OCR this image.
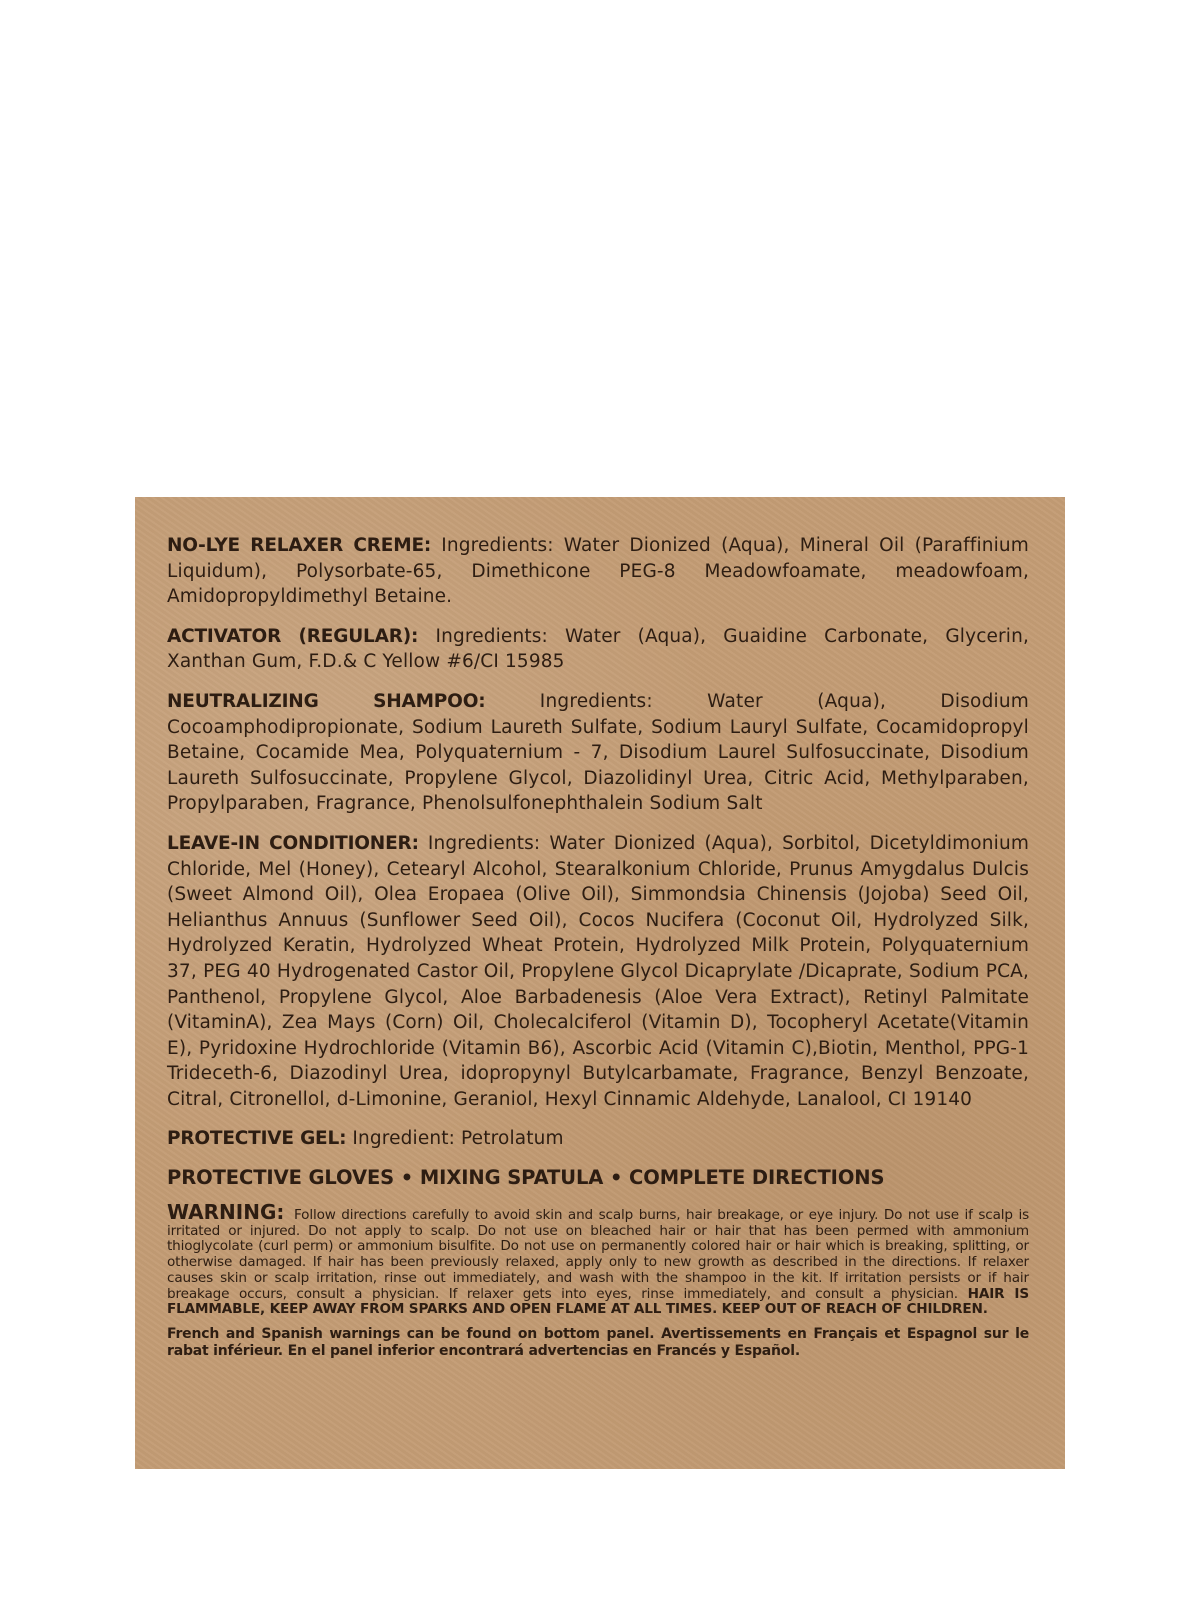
NO-LYE RELAXER CREME: Ingredients: Water Dionized (Aqua), Mineral Oil (Paraffinium Liquidum), Polysorbate-65, Dimethicone PEG-8 Meadowfoamate, meadowfoam, Amidopropyldimethyl Betaine.

ACTIVATOR (REGULAR): Ingredients: Water (Aqua), Guaidine Carbonate, Glycerin, Xanthan Gum, F.D.& C Yellow #6/CI 15985

NEUTRALIZING SHAMPOO:	Ingredients: Water (Aqua), Disodium Cocoamphodipropionate, Sodium Laureth Sulfate, Sodium Lauryl Sulfate, Cocamidopropyl Betaine, Cocamide Mea, Polyquaternium - 7, Disodium Laurel Sulfosuccinate, Disodium Laureth Sulfosuccinate, Propylene Glycol, Diazolidinyl Urea, Citric Acid, Methylparaben, Propylparaben, Fragrance, Phenolsulfonephthalein Sodium Salt

LEAVE-IN CONDITIONER: Ingredients: Water Dionized (Aqua), Sorbitol, Dicetyldimonium Chloride, Mel (Honey), Cetearyl Alcohol, Stearalkonium Chloride, Prunus Amygdalus Dulcis (Sweet Almond Oil), Olea Eropaea (Olive Oil), Simmondsia Chinensis (Jojoba) Seed Oil, Helianthus Annuus (Sunflower Seed Oil), Cocos Nucifera (Coconut Oil, Hydrolyzed Silk, Hydrolyzed Keratin, Hydrolyzed Wheat Protein, Hydrolyzed Milk Protein, Polyquaternium 37, PEG 40 Hydrogenated Castor Oil, Propylene Glycol Dicaprylate /Dicaprate, Sodium PCA, Panthenol, Propylene Glycol, Aloe Barbadenesis (Aloe Vera Extract), Retinyl Palmitate (VitaminA), Zea Mays (Corn) Oil, Cholecalciferol (Vitamin D), Tocopheryl Acetate(Vitamin E), Pyridoxine Hydrochloride (Vitamin B6), Ascorbic Acid (Vitamin C),Biotin, Menthol, PPG-1 Trideceth-6, Diazodinyl Urea, idopropynyl Butylcarbamate, Fragrance, Benzyl Benzoate, Citral, Citronellol, d-Limonine, Geraniol, Hexyl Cinnamic Aldehyde, Lanalool, CI 19140

PROTECTIVE GEL: Ingredient: Petrolatum

PROTECTIVE GLOVES • MIXING SPATULA • COMPLETE DIRECTIONS

WARNING: Follow directions carefully to avoid skin and scalp burns, hair breakage, or eye injury. Do not use if scalp is irritated or injured. Do not apply to scalp. Do not use on bleached hair or hair that has been permed with ammonium thioglycolate (curl perm) or ammonium bisulfite. Do not use on permanently colored hair or hair which is breaking, splitting, or otherwise damaged. If hair has been previously relaxed, apply only to new growth as described in the directions. If relaxer causes skin or scalp irritation, rinse out immediately, and wash with the shampoo in the kit. If irritation persists or if hair breakage occurs, consult a physician. If relaxer gets into eyes, rinse immediately, and consult a physician. HAIR IS FLAMMABLE, KEEP AWAY FROM SPARKS AND OPEN FLAME AT ALL TIMES. KEEP OUT OF REACH OF CHILDREN.

French and Spanish warnings can be found on bottom panel. Avertissements en Français et Espagnol sur le rabat inférieur. En el panel inferior encontrará advertencias en Francés y Español.
